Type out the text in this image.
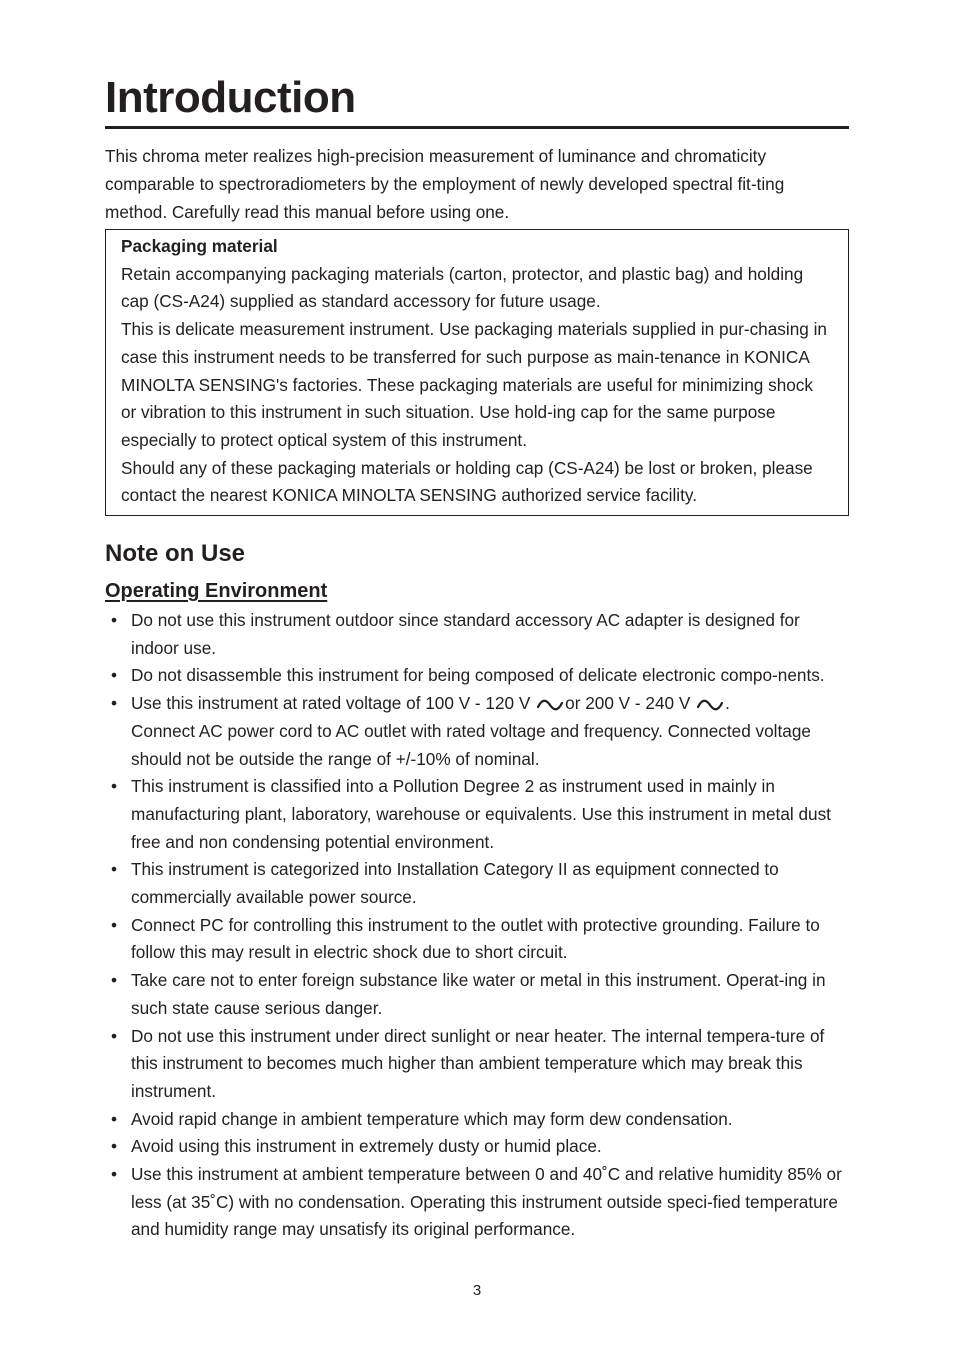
Introduction

This chroma meter realizes high-precision measurement of luminance and chromaticity comparable to spectroradiometers by the employment of newly developed spectral fit-ting method. Carefully read this manual before using one.

Packaging material

Retain accompanying packaging materials (carton, protector, and plastic bag) and holding cap (CS-A24) supplied as standard accessory for future usage.

This is delicate measurement instrument. Use packaging materials supplied in pur-chasing in case this instrument needs to be transferred for such purpose as main-tenance in KONICA MINOLTA SENSING's factories. These packaging materials are useful for minimizing shock or vibration to this instrument in such situation. Use hold-ing cap for the same purpose especially to protect optical system of this instrument.

Should any of these packaging materials or holding cap (CS-A24) be lost or broken, please contact the nearest KONICA MINOLTA SENSING authorized service facility.

Note on Use
Operating Environment
• Do not use this instrument outdoor since standard accessory AC adapter is designed for indoor use.
• Do not disassemble this instrument for being composed of delicate electronic compo-nents.
• Use this instrument at rated voltage of 100 V - 120 V or 200 V - 240 V .
Connect AC power cord to AC outlet with rated voltage and frequency. Connected voltage should not be outside the range of +/-10% of nominal.
• This instrument is classified into a Pollution Degree 2 as instrument used in mainly in manufacturing plant, laboratory, warehouse or equivalents. Use this instrument in metal dust free and non condensing potential environment.
• This instrument is categorized into Installation Category II as equipment connected to commercially available power source.
• Connect PC for controlling this instrument to the outlet with protective grounding. Failure to follow this may result in electric shock due to short circuit.
• Take care not to enter foreign substance like water or metal in this instrument. Operat-ing in such state cause serious danger.
• Do not use this instrument under direct sunlight or near heater. The internal tempera-ture of this instrument to becomes much higher than ambient temperature which may break this instrument.
• Avoid rapid change in ambient temperature which may form dew condensation.
• Avoid using this instrument in extremely dusty or humid place.
• Use this instrument at ambient temperature between 0 and 40˚C and relative humidity 85% or less (at 35˚C) with no condensation. Operating this instrument outside speci-fied temperature and humidity range may unsatisfy its original performance.
3
